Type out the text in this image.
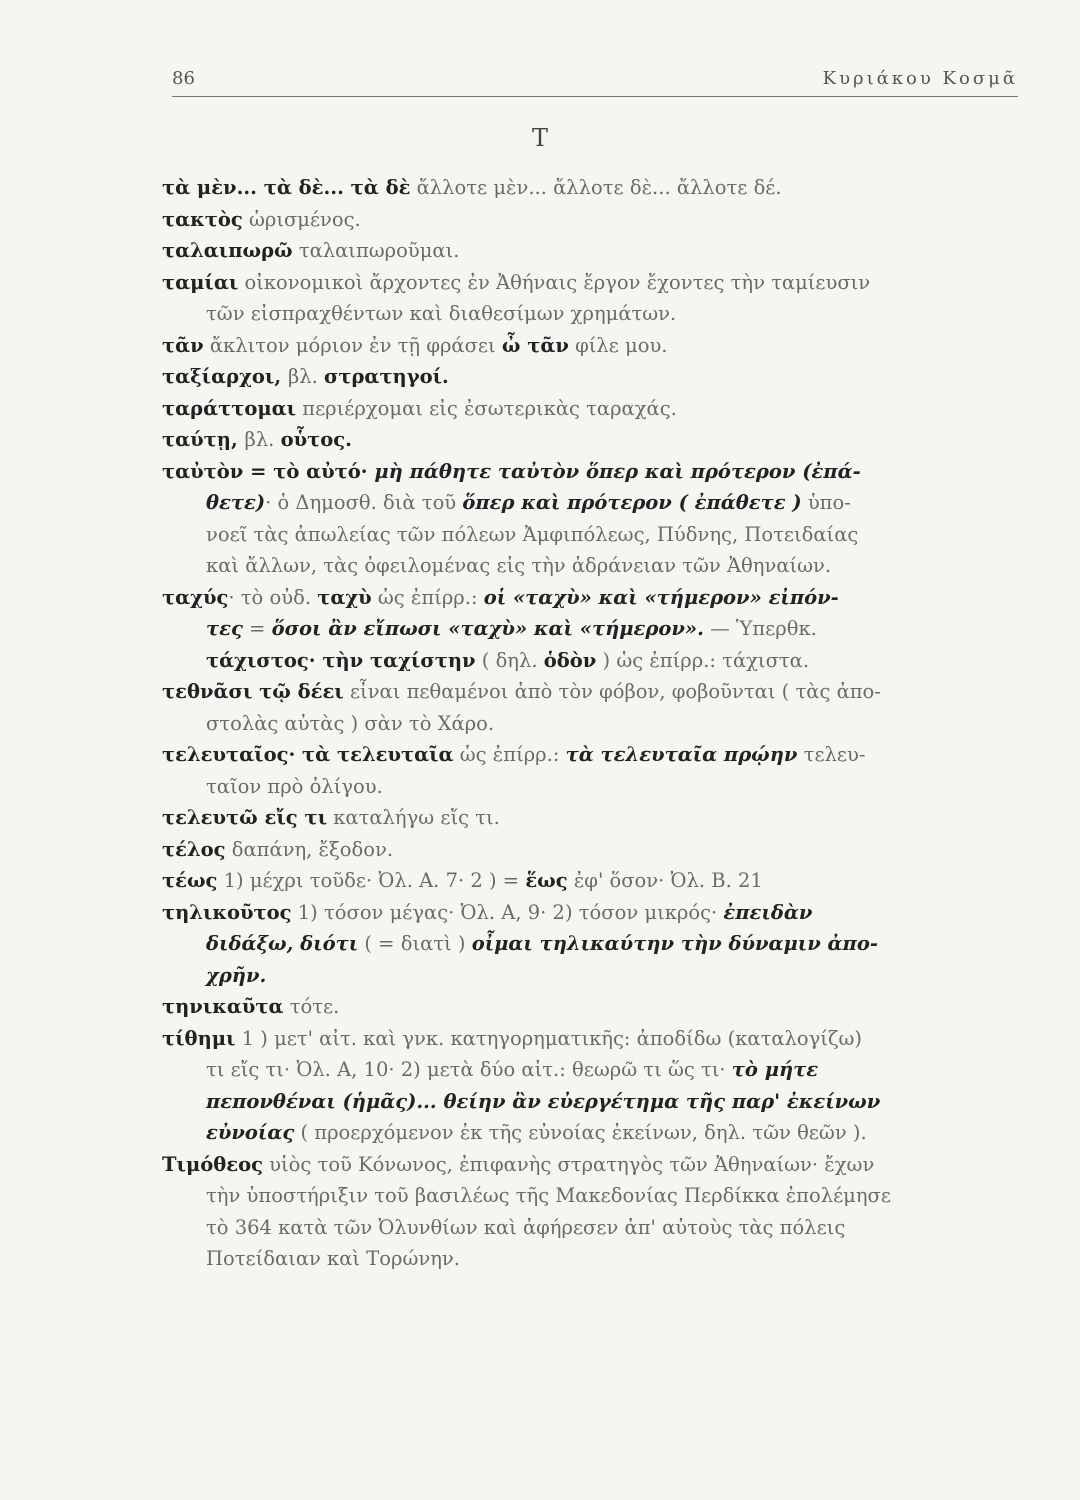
86	Κυριάκου Κοσμᾶ
Τ
τὰ μὲν... τὰ δὲ... τὰ δὲ ἄλλοτε μὲν... ἄλλοτε δὲ... ἄλλοτε δέ.
τακτὸς ὡρισμένος.
ταλαιπωρῶ ταλαιπωροῦμαι.
ταμίαι οἰκονομικοὶ ἄρχοντες ἐν Ἀθήναις ἔργον ἔχοντες τὴν ταμίευσιν
τῶν εἰσπραχθέντων καὶ διαθεσίμων χρημάτων.
τᾶν ἄκλιτον μόριον ἐν τῇ φράσει ὦ τᾶν φίλε μου.
ταξίαρχοι, βλ. στρατηγοί.
ταράττομαι περιέρχομαι εἰς ἐσωτερικὰς ταραχάς.
ταύτῃ, βλ. οὗτος.
ταὐτὸν = τὸ αὐτό· μὴ πάθητε ταὐτὸν ὅπερ καὶ πρότερον (ἐπά-
θετε)· ὁ Δημοσθ. διὰ τοῦ ὅπερ καὶ πρότερον ( ἐπάθετε ) ὑπο-
νοεῖ τὰς ἀπωλείας τῶν πόλεων Ἀμφιπόλεως, Πύδνης, Ποτειδαίας
καὶ ἄλλων, τὰς ὀφειλομένας εἰς τὴν ἀδράνειαν τῶν Ἀθηναίων.
ταχύς· τὸ οὐδ. ταχὺ ὡς ἐπίρρ.: οἱ «ταχὺ» καὶ «τήμερον» εἰπόν-
τες = ὅσοι ἂν εἴπωσι «ταχὺ» καὶ «τήμερον». — Ὑπερθκ.
τάχιστος· τὴν ταχίστην ( δηλ. ὁδὸν ) ὡς ἐπίρρ.: τάχιστα.
τεθνᾶσι τῷ δέει εἶναι πεθαμένοι ἀπὸ τὸν φόβον, φοβοῦνται ( τὰς ἀπο-
στολὰς αὐτὰς ) σὰν τὸ Χάρο.
τελευταῖος· τὰ τελευταῖα ὡς ἐπίρρ.: τὰ τελευταῖα πρῴην τελευ-
ταῖον πρὸ ὀλίγου.
τελευτῶ εἴς τι καταλήγω εἴς τι.
τέλος δαπάνη, ἔξοδον.
τέως 1) μέχρι τοῦδε· Ὀλ. Α. 7· 2 ) = ἕως ἐφ' ὅσον· Ὀλ. Β. 21
τηλικοῦτος 1) τόσον μέγας· Ὀλ. Α, 9· 2) τόσον μικρός· ἐπειδὰν
διδάξω, διότι ( = διατὶ ) οἶμαι τηλικαύτην τὴν δύναμιν ἀπο-
χρῆν.
τηνικαῦτα τότε.
τίθημι 1 ) μετ' αἰτ. καὶ γνκ. κατηγορηματικῆς: ἀποδίδω (καταλογίζω)
τι εἴς τι· Ὀλ. Α, 10· 2) μετὰ δύο αἰτ.: θεωρῶ τι ὥς τι· τὸ μήτε
πεπονθέναι (ἡμᾶς)... θείην ἂν εὐεργέτημα τῆς παρ' ἐκείνων
εὐνοίας ( προερχόμενον ἐκ τῆς εὐνοίας ἐκείνων, δηλ. τῶν θεῶν ).
Τιμόθεος υἱὸς τοῦ Κόνωνος, ἐπιφανὴς στρατηγὸς τῶν Ἀθηναίων· ἔχων
τὴν ὑποστήριξιν τοῦ βασιλέως τῆς Μακεδονίας Περδίκκα ἐπολέμησε
τὸ 364 κατὰ τῶν Ὀλυνθίων καὶ ἀφήρεσεν ἀπ' αὐτοὺς τὰς πόλεις
Ποτείδαιαν καὶ Τορώνην.
